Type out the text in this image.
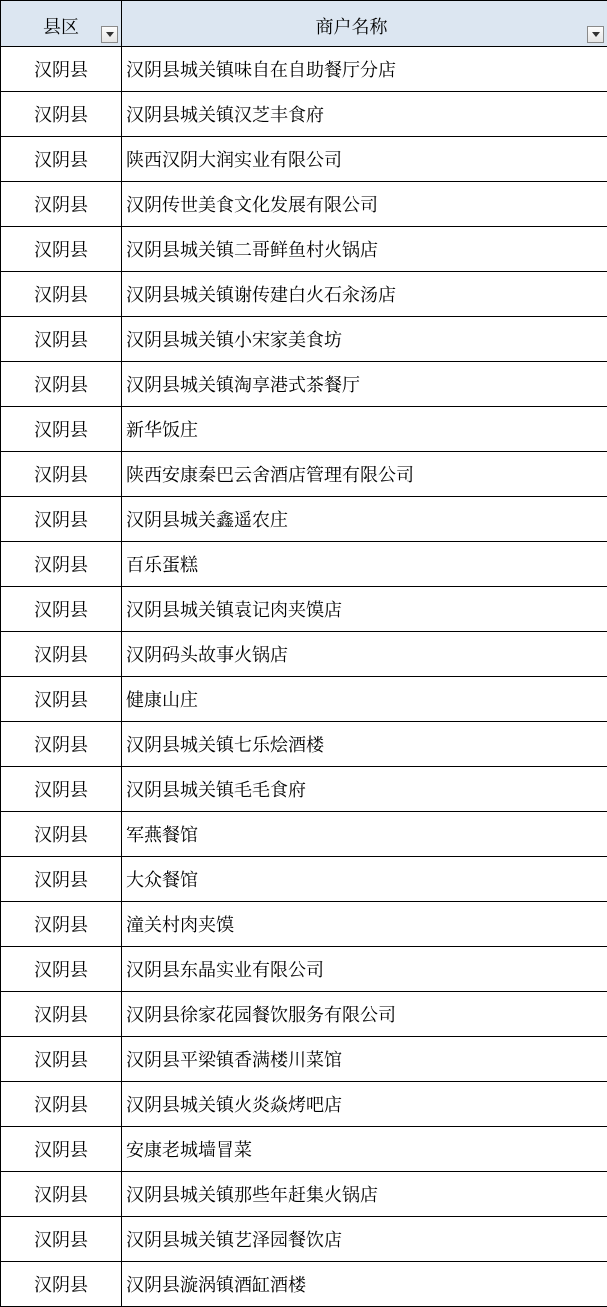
县区	商户名称

汉阴县	汉阴县城关镇味自在自助餐厅分店
汉阴县	汉阴县城关镇汉芝丰食府
汉阴县	陕西汉阴大润实业有限公司
汉阴县	汉阴传世美食文化发展有限公司
汉阴县	汉阴县城关镇二哥鲜鱼村火锅店
汉阴县	汉阴县城关镇谢传建白火石汆汤店
汉阴县	汉阴县城关镇小宋家美食坊
汉阴县	汉阴县城关镇淘享港式茶餐厅
汉阴县	新华饭庄
汉阴县	陕西安康秦巴云舍酒店管理有限公司
汉阴县	汉阴县城关鑫遥农庄
汉阴县	百乐蛋糕
汉阴县	汉阴县城关镇袁记肉夹馍店
汉阴县	汉阴码头故事火锅店
汉阴县	健康山庄
汉阴县	汉阴县城关镇七乐烩酒楼
汉阴县	汉阴县城关镇毛毛食府
汉阴县	军燕餐馆
汉阴县	大众餐馆
汉阴县	潼关村肉夹馍
汉阴县	汉阴县东晶实业有限公司
汉阴县	汉阴县徐家花园餐饮服务有限公司
汉阴县	汉阴县平梁镇香满楼川菜馆
汉阴县	汉阴县城关镇火炎焱烤吧店
汉阴县	安康老城墙冒菜
汉阴县	汉阴县城关镇那些年赶集火锅店
汉阴县	汉阴县城关镇艺泽园餐饮店
汉阴县	汉阴县漩涡镇酒缸酒楼
